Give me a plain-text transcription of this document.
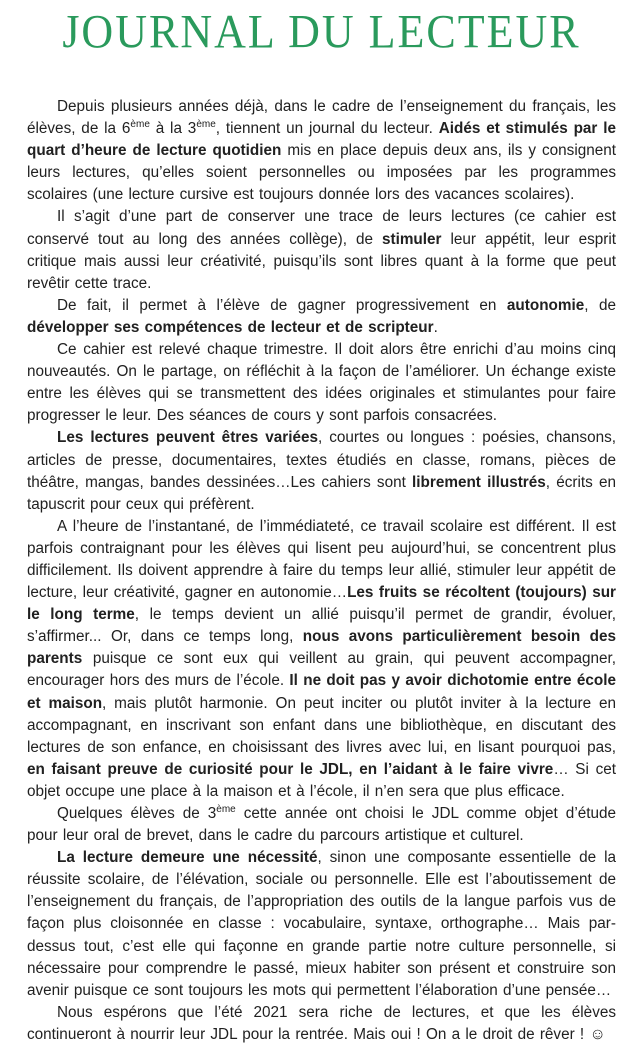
JOURNAL DU LECTEUR

Depuis plusieurs années déjà, dans le cadre de l’enseignement du français, les élèves, de la 6ème à la 3ème, tiennent un journal du lecteur. Aidés et stimulés par le quart d’heure de lecture quotidien mis en place depuis deux ans, ils y consignent leurs lectures, qu’elles soient personnelles ou imposées par les programmes scolaires (une lecture cursive est toujours donnée lors des vacances scolaires).

Il s’agit d’une part de conserver une trace de leurs lectures (ce cahier est conservé tout au long des années collège), de stimuler leur appétit, leur esprit critique mais aussi leur créativité, puisqu’ils sont libres quant à la forme que peut revêtir cette trace.

De fait, il permet à l’élève de gagner progressivement en autonomie, de développer ses compétences de lecteur et de scripteur.

Ce cahier est relevé chaque trimestre. Il doit alors être enrichi d’au moins cinq nouveautés. On le partage, on réfléchit à la façon de l’améliorer. Un échange existe entre les élèves qui se transmettent des idées originales et stimulantes pour faire progresser le leur. Des séances de cours y sont parfois consacrées.

Les lectures peuvent êtres variées, courtes ou longues : poésies, chansons, articles de presse, documentaires, textes étudiés en classe, romans, pièces de théâtre, mangas, bandes dessinées…Les cahiers sont librement illustrés, écrits en tapuscrit pour ceux qui préfèrent.

A l’heure de l’instantané, de l’immédiateté, ce travail scolaire est différent. Il est parfois contraignant pour les élèves qui lisent peu aujourd’hui, se concentrent plus difficilement. Ils doivent apprendre à faire du temps leur allié, stimuler leur appétit de lecture, leur créativité, gagner en autonomie…Les fruits se récoltent (toujours) sur le long terme, le temps devient un allié puisqu’il permet de grandir, évoluer, s’affirmer... Or, dans ce temps long, nous avons particulièrement besoin des parents puisque ce sont eux qui veillent au grain, qui peuvent accompagner, encourager hors des murs de l’école. Il ne doit pas y avoir dichotomie entre école et maison, mais plutôt harmonie. On peut inciter ou plutôt inviter à la lecture en accompagnant, en inscrivant son enfant dans une bibliothèque, en discutant des lectures de son enfance, en choisissant des livres avec lui, en lisant pourquoi pas, en faisant preuve de curiosité pour le JDL, en l’aidant à le faire vivre… Si cet objet occupe une place à la maison et à l’école, il n’en sera que plus efficace.

Quelques élèves de 3ème cette année ont choisi le JDL comme objet d’étude pour leur oral de brevet, dans le cadre du parcours artistique et culturel.

La lecture demeure une nécessité, sinon une composante essentielle de la réussite scolaire, de l’élévation, sociale ou personnelle. Elle est l’aboutissement de l’enseignement du français, de l’appropriation des outils de la langue parfois vus de façon plus cloisonnée en classe : vocabulaire, syntaxe, orthographe… Mais par-dessus tout, c’est elle qui façonne en grande partie notre culture personnelle, si nécessaire pour comprendre le passé, mieux habiter son présent et construire son avenir puisque ce sont toujours les mots qui permettent l’élaboration d’une pensée…

Nous espérons que l’été 2021 sera riche de lectures, et que les élèves continueront à nourrir leur JDL pour la rentrée. Mais oui ! On a le droit de rêver ! ☺
